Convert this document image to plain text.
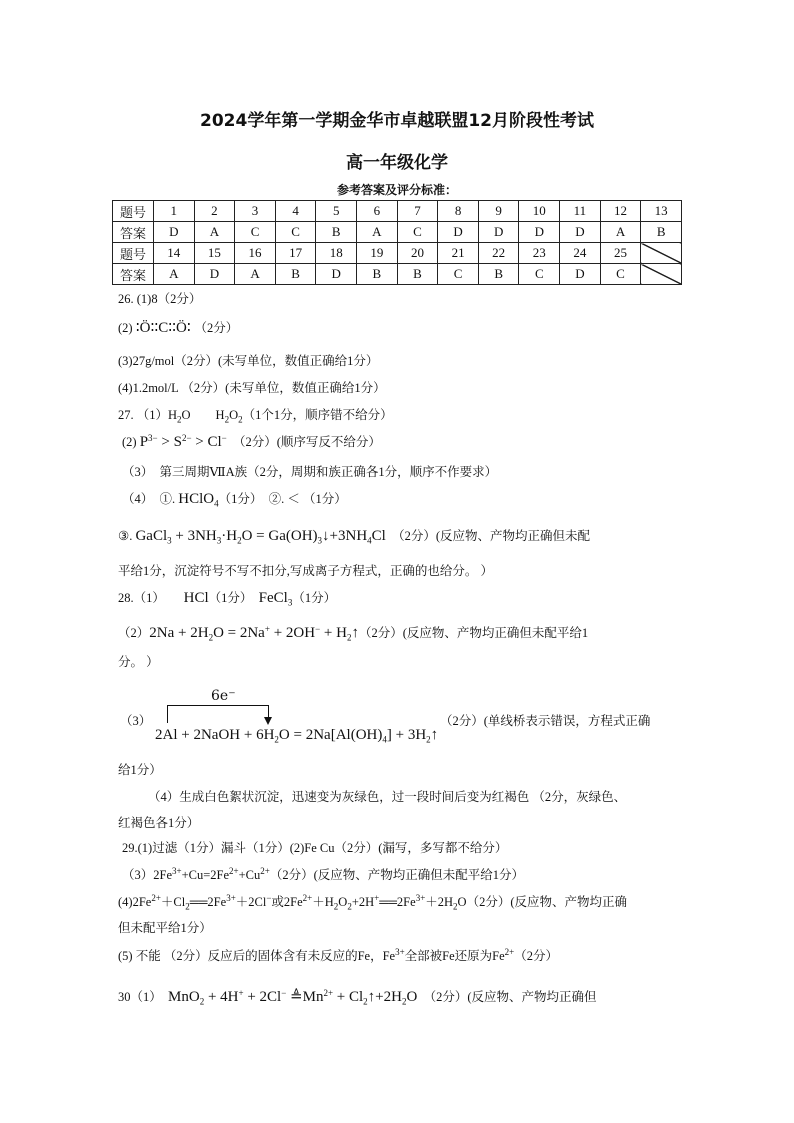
2024学年第一学期金华市卓越联盟12月阶段性考试
高一年级化学
参考答案及评分标准：
题号	1	2	3	4	5	6	7	8	9	10	11	12	13
答案	D	A	C	C	B	A	C	D	D	D	D	A	B
题号	14	15	16	17	18	19	20	21	22	23	24	25	
答案	A	D	A	B	D	B	B	C	B	C	D	C	
6e⁻
26. (1)8（2分）
(2) ∶Ö∶∶C∶∶Ö∶ （2分）
(3)27g/mol（2分）(未写单位，数值正确给1分）
(4)1.2mol/L （2分）(未写单位，数值正确给1分）
27. $(1)H_2O$　　$H_2O_2(1$个1分，顺序错不给分）
(2) $P^{3-} > S^{2-} > Cl^-$　（2分）(顺序写反不给分）
（3）　第三周期ⅦA族（2分，周期和族正确各1分，顺序不作要求）
（4）　①. HClO$_4$（1分）　②. ＜ （1分）
③. GaCl$_3$ + $3NH_3\cdot H_2O$ = $Ga(OH)_3↓+3NH_4Cl$　（2分）(反应物、产物均正确但未配
平给1分，沉淀符号不写不扣分,写成离子方程式，正确的也给分。 ）
28.（1）　　HCl（1分）　FeCl$_3$（1分）
$(2)2Na + 2H_2O = 2Na^+ + 2OH^-$ + $H_2↑(2$分）(反应物、产物均正确但未配平给1
分。 ）
（3）
2Al + 2NaOH + $6H_2O = 2Na[Al(OH)_4]$ + $3H_2↑$
（2分）(单线桥表示错误，方程式正确
给1分）
（4）生成白色絮状沉淀，迅速变为灰绿色，过一段时间后变为红褐色 （2分，灰绿色、
红褐色各1分）
29.(1)过滤（1分）漏斗（1分）(2)Fe Cu（2分）(漏写，多写都不给分）
$(3)2Fe^{3+}+Cu=2Fe^{2+}+Cu^{2+}(2$分）(反应物、产物均正确但未配平给1分）
$(4)2Fe^{2+}+Cl_2══2Fe^{3+}+2Cl^-$或$2Fe^{2+}+H_2O_2+2H^+══2Fe^{3+}+2H_2O(2$分）(反应物、产物均正确
但未配平给1分）
(5) 不能 （2分）反应后的固体含有未反应的Fe，$Fe^{3+}$全部被Fe还原为$Fe^{2+}(2$分）
30（1）　MnO$_2$ + 4H+ + 2Cl− $≜Mn^{2+}$ + $Cl_2↑+2H_2O$　（2分）(反应物、产物均正确但
